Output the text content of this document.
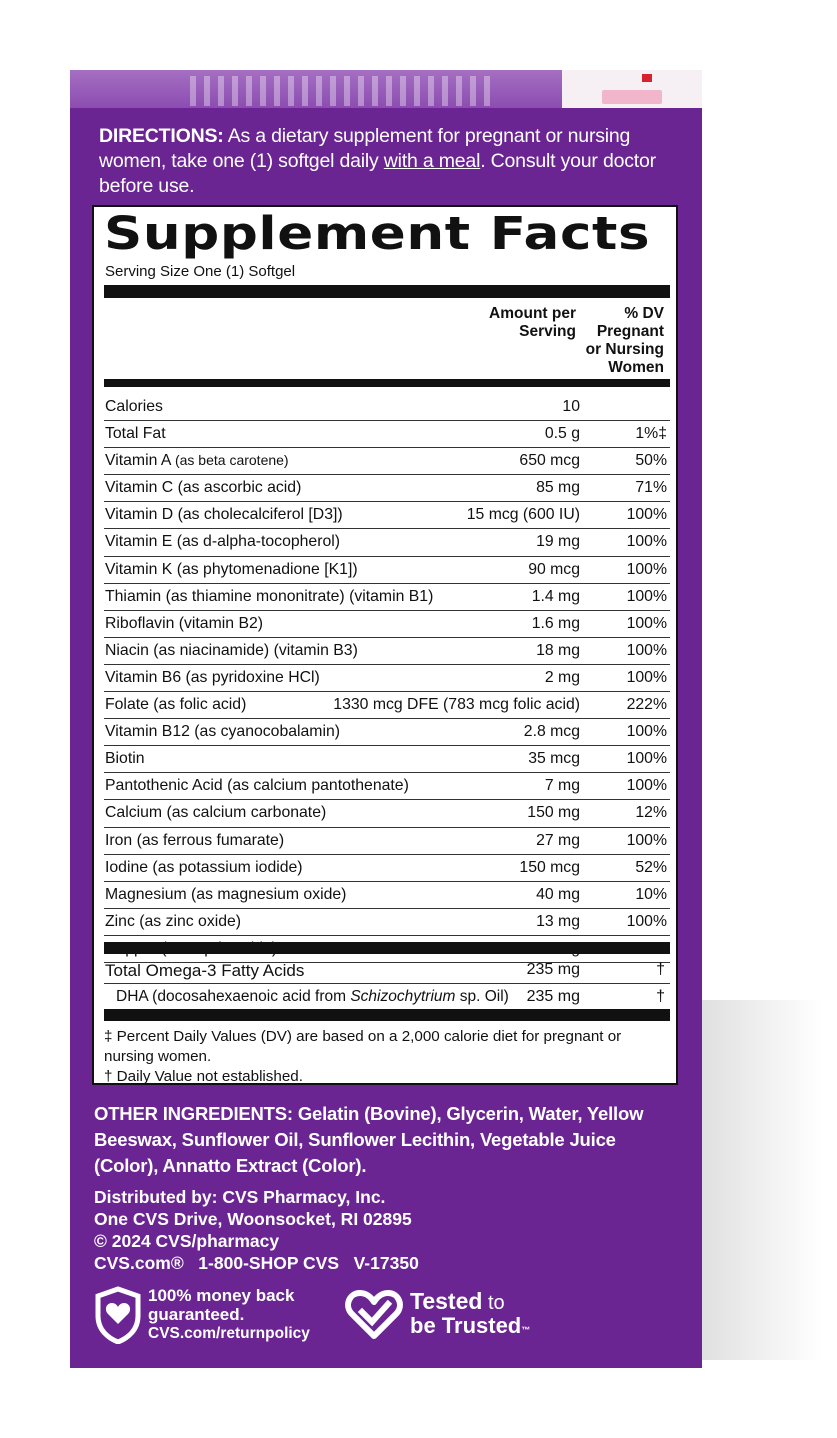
DIRECTIONS: As a dietary supplement for pregnant or nursing women, take one (1) softgel daily with a meal. Consult your doctor before use.
Supplement Facts
Serving Size One (1) Softgel
Amount per
Serving
% DV
Pregnant
or Nursing
Women
Calories	10
Total Fat	0.5 g	1%‡
Vitamin A (as beta carotene)	650 mcg	50%
Vitamin C (as ascorbic acid)	85 mg	71%
Vitamin D (as cholecalciferol [D3])	15 mcg (600 IU)	100%
Vitamin E (as d-alpha-tocopherol)	19 mg	100%
Vitamin K (as phytomenadione [K1])	90 mcg	100%
Thiamin (as thiamine mononitrate) (vitamin B1)	1.4 mg	100%
Riboflavin (vitamin B2)	1.6 mg	100%
Niacin (as niacinamide) (vitamin B3)	18 mg	100%
Vitamin B6 (as pyridoxine HCl)	2 mg	100%
Folate (as folic acid)	1330 mcg DFE (783 mcg folic acid)	222%
Vitamin B12 (as cyanocobalamin)	2.8 mcg	100%
Biotin	35 mcg	100%
Pantothenic Acid (as calcium pantothenate)	7 mg	100%
Calcium (as calcium carbonate)	150 mg	12%
Iron (as ferrous fumarate)	27 mg	100%
Iodine (as potassium iodide)	150 mcg	52%
Magnesium (as magnesium oxide)	40 mg	10%
Zinc (as zinc oxide)	13 mg	100%
Total Omega-3 Fatty Acids	235 mg	†
DHA (docosahexaenoic acid from Schizochytrium sp. Oil) 235 mg	†
‡ Percent Daily Values (DV) are based on a 2,000 calorie diet for pregnant or nursing women.
† Daily Value not established.
OTHER INGREDIENTS: Gelatin (Bovine), Glycerin, Water, Yellow Beeswax, Sunflower Oil, Sunflower Lecithin, Vegetable Juice (Color), Annatto Extract (Color).
Distributed by: CVS Pharmacy, Inc.
One CVS Drive, Woonsocket, RI 02895
© 2024 CVS/pharmacy
CVS.com®   1-800-SHOP CVS   V-17350
100% money back
guaranteed.
CVS.com/returnpolicy
Tested to
be Trusted™
